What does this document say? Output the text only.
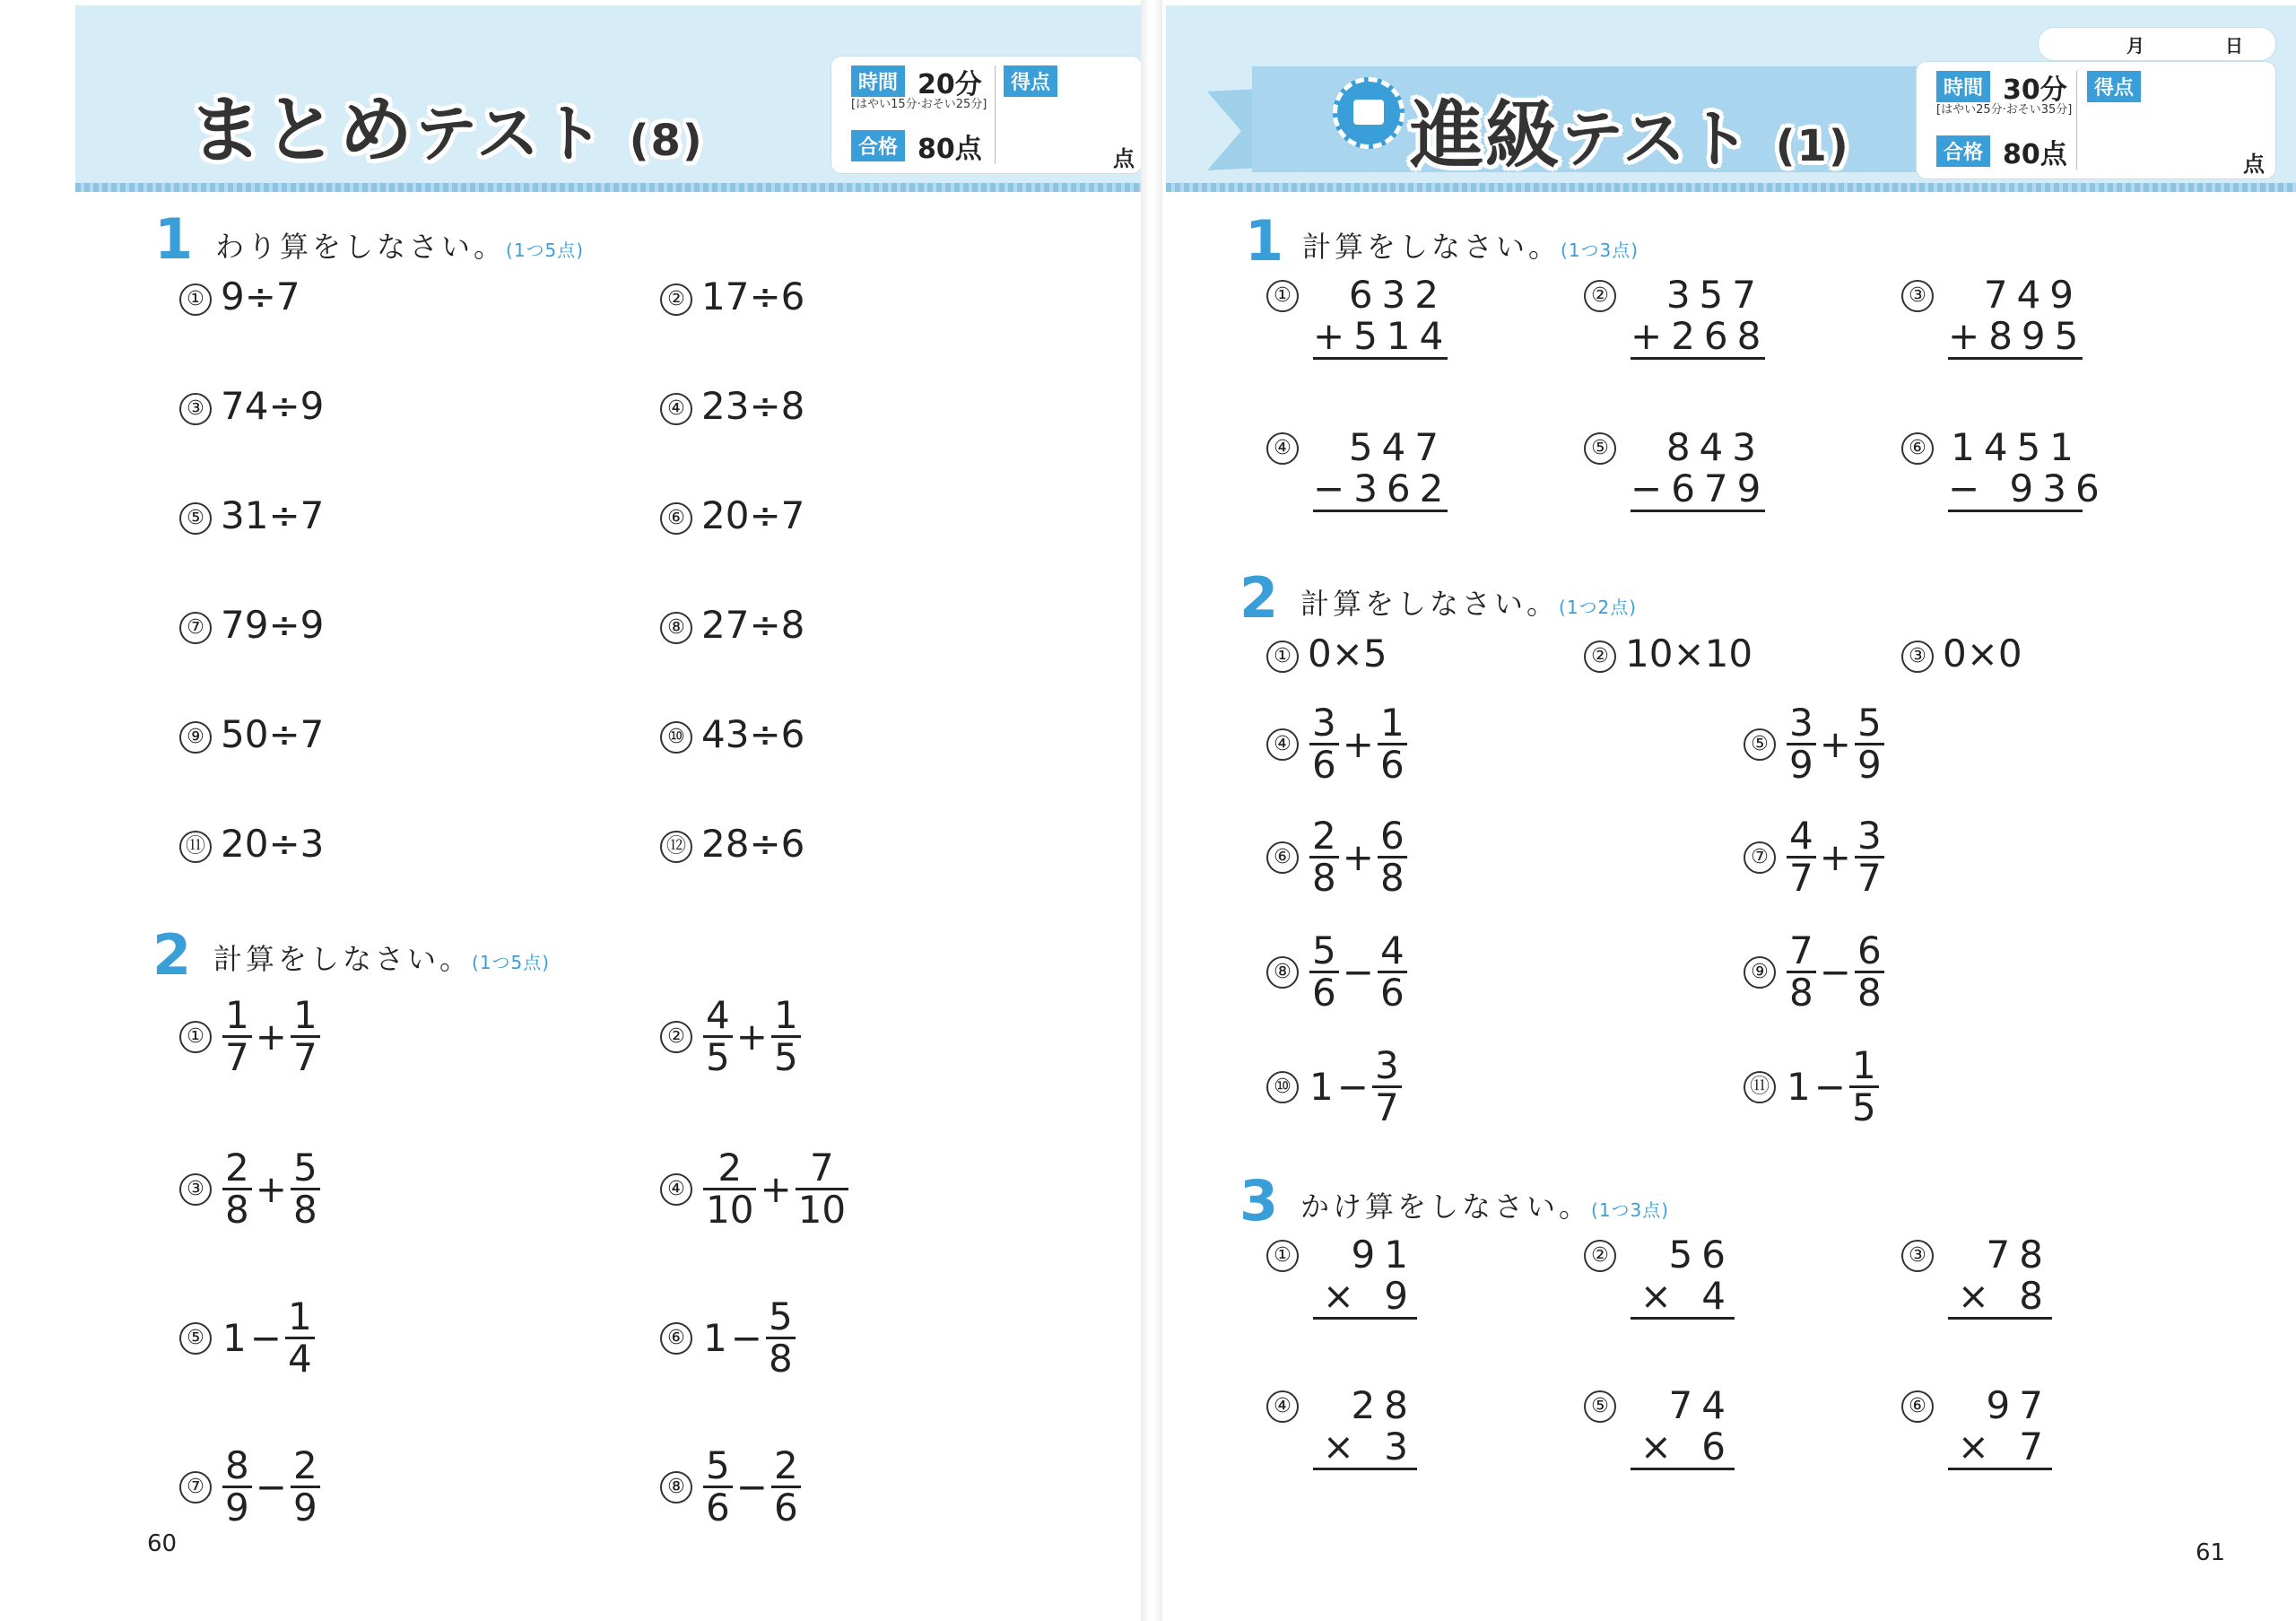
まとめテスト (8)
時間 20分
[はやい15分·おそい25分]
合格 80点
得点
点
1 わり算をしなさい。(1つ5点)
① 9÷7	② 17÷6
③ 74÷9	④ 23÷8
⑤ 31÷7	⑥ 20÷7
⑦ 79÷9	⑧ 27÷8
⑨ 50÷7	⑩ 43÷6
⑪ 20÷3	⑫ 28÷6
2 計算をしなさい。(1つ5点)
① $\frac{1}{7} + \frac{1}{7}$	② $\frac{4}{5} + \frac{1}{5}$
③ $\frac{2}{8} + \frac{5}{8}$	④ $\frac{2}{10} + \frac{7}{10}$
⑤ $1- \frac{1}{4}$	⑥ $1- \frac{5}{8}$
⑦ $\frac{8}{9} - \frac{2}{9}$	⑧ $\frac{5}{6} - \frac{2}{6}$
60
進級テスト (1)
月	日
時間 30分
[はやい25分·おそい35分]
合格 80点
得点
点
1 計算をしなさい。(1つ3点)
①	632
+514
②	357
+268
③	749
+895
④	547
−362
⑤	843
−679
⑥ 1451
− 936
2 計算をしなさい。(1つ2点)
① 0×5	② 10×10	③ 0×0
④ $\frac{3}{6} + \frac{1}{6}$	⑤ $\frac{3}{9} + \frac{5}{9}$
⑥ $\frac{2}{8} + \frac{6}{8}$	⑦ $\frac{4}{7} + \frac{3}{7}$
⑧ $\frac{5}{6} - \frac{4}{6}$	⑨ $\frac{7}{8} - \frac{6}{8}$
⑩ $1- \frac{3}{7}$	⑪ $1- \frac{1}{5}$
3 かけ算をしなさい。(1つ3点)
①	91
× 9
②	56
× 4
③	78
× 8
④	28
× 3
⑤	74
× 6
⑥	97
× 7
61
